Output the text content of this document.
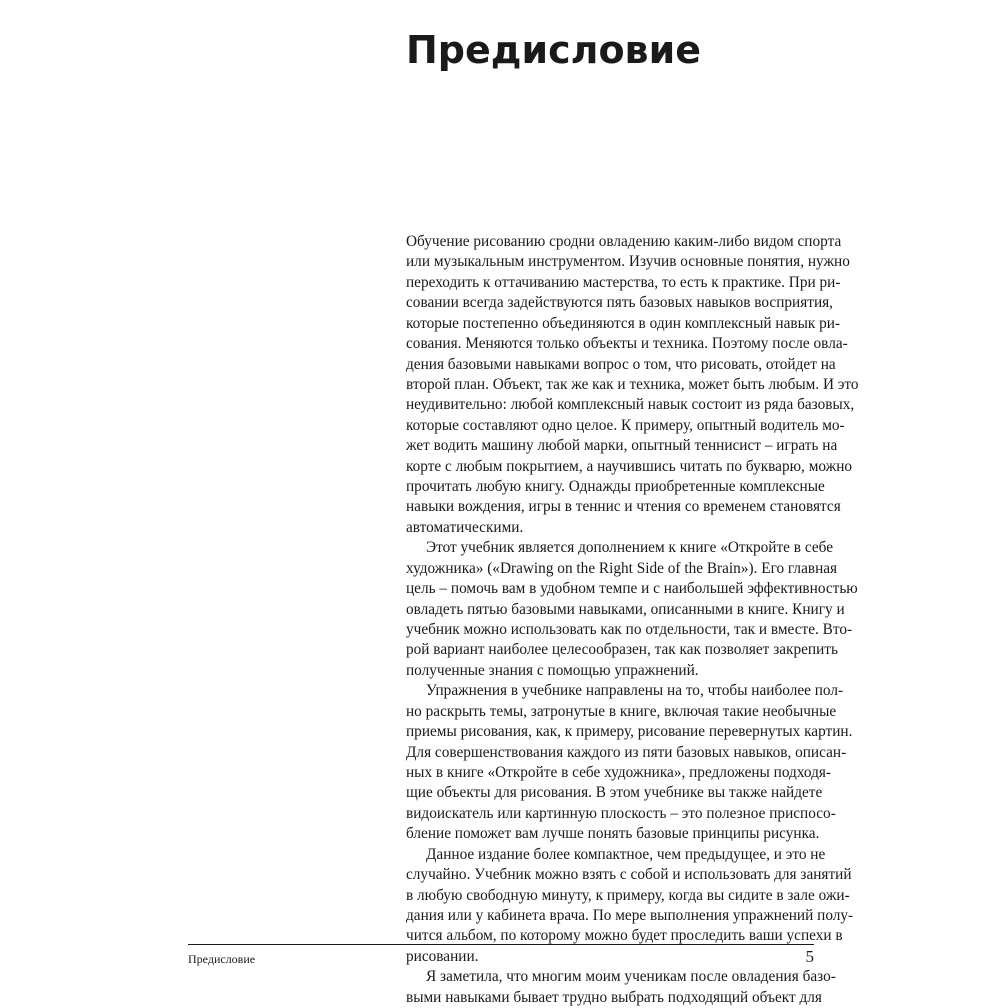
Предисловие

Обучение рисованию сродни овладению каким-либо видом спорта
или музыкальным инструментом. Изучив основные понятия, нужно
переходить к оттачиванию мастерства, то есть к практике. При ри-
совании всегда задействуются пять базовых навыков восприятия,
которые постепенно объединяются в один комплексный навык ри-
сования. Меняются только объекты и техника. Поэтому после овла-
дения базовыми навыками вопрос о том, что рисовать, отойдет на
второй план. Объект, так же как и техника, может быть любым. И это
неудивительно: любой комплексный навык состоит из ряда базовых,
которые составляют одно целое. К примеру, опытный водитель мо-
жет водить машину любой марки, опытный теннисист – играть на
корте с любым покрытием, а научившись читать по букварю, можно
прочитать любую книгу. Однажды приобретенные комплексные
навыки вождения, игры в теннис и чтения со временем становятся
автоматическими.

Этот учебник является дополнением к книге «Откройте в себе
художника» («Drawing on the Right Side of the Brain»). Его главная
цель – помочь вам в удобном темпе и с наибольшей эффективностью
овладеть пятью базовыми навыками, описанными в книге. Книгу и
учебник можно использовать как по отдельности, так и вместе. Вто-
рой вариант наиболее целесообразен, так как позволяет закрепить
полученные знания с помощью упражнений.

Упражнения в учебнике направлены на то, чтобы наиболее пол-
но раскрыть темы, затронутые в книге, включая такие необычные
приемы рисования, как, к примеру, рисование перевернутых картин.
Для совершенствования каждого из пяти базовых навыков, описан-
ных в книге «Откройте в себе художника», предложены подходя-
щие объекты для рисования. В этом учебнике вы также найдете
видоискатель или картинную плоскость – это полезное приспосо-
бление поможет вам лучше понять базовые принципы рисунка.

Данное издание более компактное, чем предыдущее, и это не
случайно. Учебник можно взять с собой и использовать для занятий
в любую свободную минуту, к примеру, когда вы сидите в зале ожи-
дания или у кабинета врача. По мере выполнения упражнений полу-
чится альбом, по которому можно будет проследить ваши успехи в
рисовании.

Я заметила, что многим моим ученикам после овладения базо-
выми навыками бывает трудно выбрать подходящий объект для

Предисловие	5
